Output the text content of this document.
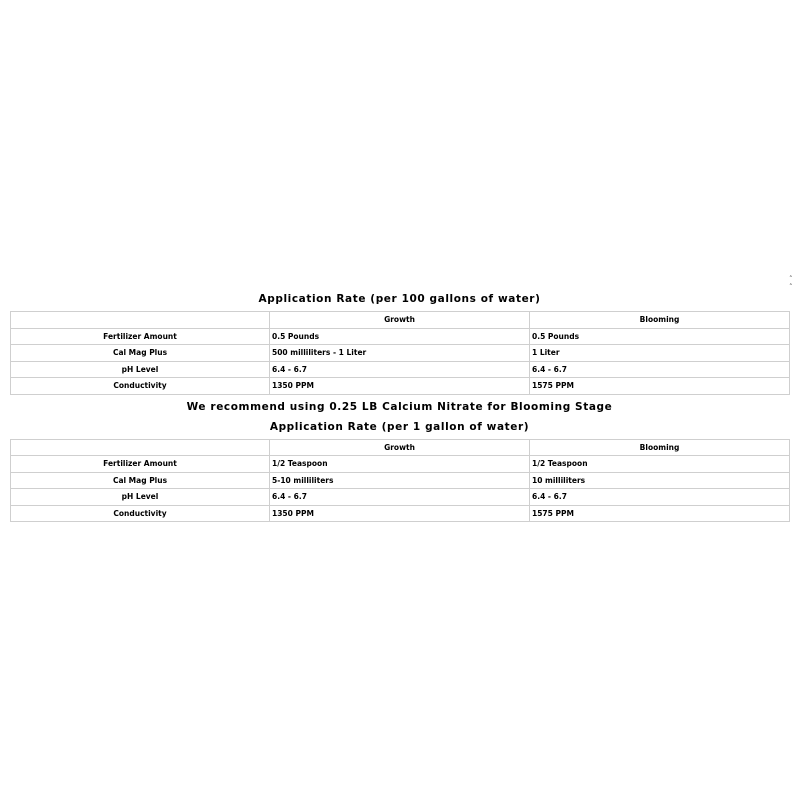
˄ ˄
Application Rate (per 100 gallons of water)
	Growth	Blooming
Fertilizer Amount	0.5 Pounds	0.5 Pounds
Cal Mag Plus	500 milliliters - 1 Liter	1 Liter
pH Level	6.4 - 6.7	6.4 - 6.7
Conductivity	1350 PPM	1575 PPM
We recommend using 0.25 LB Calcium Nitrate for Blooming Stage
Application Rate (per 1 gallon of water)
	Growth	Blooming
Fertilizer Amount	1/2 Teaspoon	1/2 Teaspoon
Cal Mag Plus	5-10 milliliters	10 milliliters
pH Level	6.4 - 6.7	6.4 - 6.7
Conductivity	1350 PPM	1575 PPM
